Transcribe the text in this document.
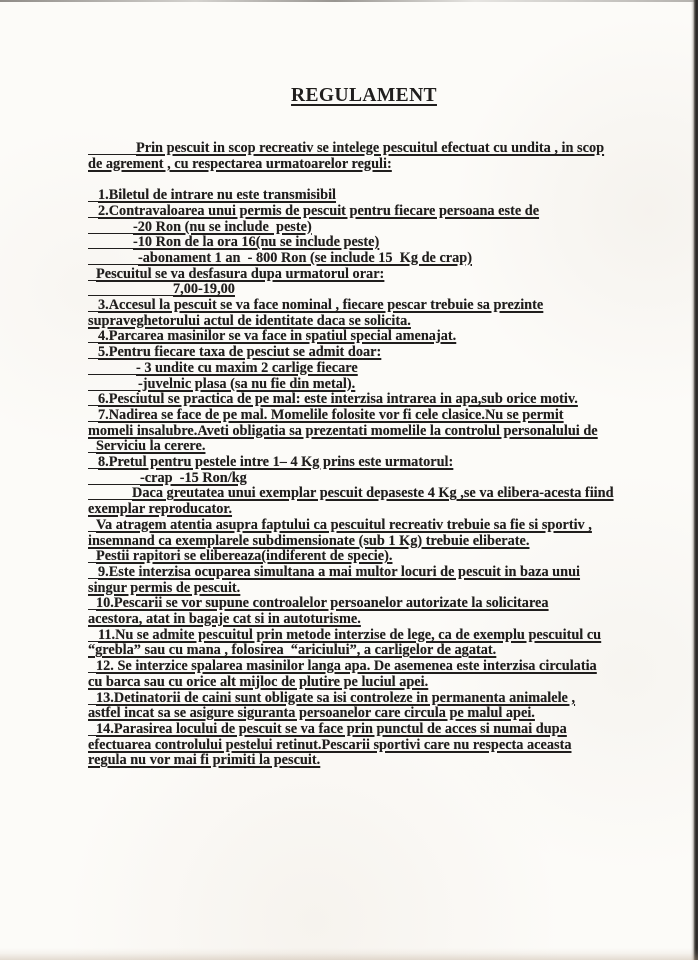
REGULAMENT
Prin pescuit in scop recreativ se intelege pescuitul efectuat cu undita , in scop
de agrement , cu respectarea urmatoarelor reguli:
1.Biletul de intrare nu este transmisibil
2.Contravaloarea unui permis de pescuit pentru fiecare persoana este de
-20 Ron (nu se include  peste)
-10 Ron de la ora 16(nu se include peste)
-abonament 1 an  - 800 Ron (se include 15  Kg de crap)
Pescuitul se va desfasura dupa urmatorul orar:
7,00-19,00
3.Accesul la pescuit se va face nominal , fiecare pescar trebuie sa prezinte
supraveghetorului actul de identitate daca se solicita.
4.Parcarea masinilor se va face in spatiul special amenajat.
5.Pentru fiecare taxa de pesciut se admit doar:
- 3 undite cu maxim 2 carlige fiecare
-juvelnic plasa (sa nu fie din metal).
6.Pesciutul se practica de pe mal: este interzisa intrarea in apa,sub orice motiv.
7.Nadirea se face de pe mal. Momelile folosite vor fi cele clasice.Nu se permit
momeli insalubre.Aveti obligatia sa prezentati momelile la controlul personalului de
Serviciu la cerere.
8.Pretul pentru pestele intre 1– 4 Kg prins este urmatorul:
-crap  -15 Ron/kg
Daca greutatea unui exemplar pescuit depaseste 4 Kg ,se va elibera-acesta fiind
exemplar reproducator.
Va atragem atentia asupra faptului ca pescuitul recreativ trebuie sa fie si sportiv ,
insemnand ca exemplarele subdimensionate (sub 1 Kg) trebuie eliberate.
Pestii rapitori se elibereaza(indiferent de specie).
9.Este interzisa ocuparea simultana a mai multor locuri de pescuit in baza unui
singur permis de pescuit.
10.Pescarii se vor supune controalelor persoanelor autorizate la solicitarea
acestora, atat in bagaje cat si in autoturisme.
11.Nu se admite pescuitul prin metode interzise de lege, ca de exemplu pescuitul cu
“grebla” sau cu mana , folosirea  “ariciului”, a carligelor de agatat.
12. Se interzice spalarea masinilor langa apa. De asemenea este interzisa circulatia
cu barca sau cu orice alt mijloc de plutire pe luciul apei.
13.Detinatorii de caini sunt obligate sa isi controleze in permanenta animalele ,
astfel incat sa se asigure siguranta persoanelor care circula pe malul apei.
14.Parasirea locului de pescuit se va face prin punctul de acces si numai dupa
efectuarea controlului pestelui retinut.Pescarii sportivi care nu respecta aceasta
regula nu vor mai fi primiti la pescuit.
